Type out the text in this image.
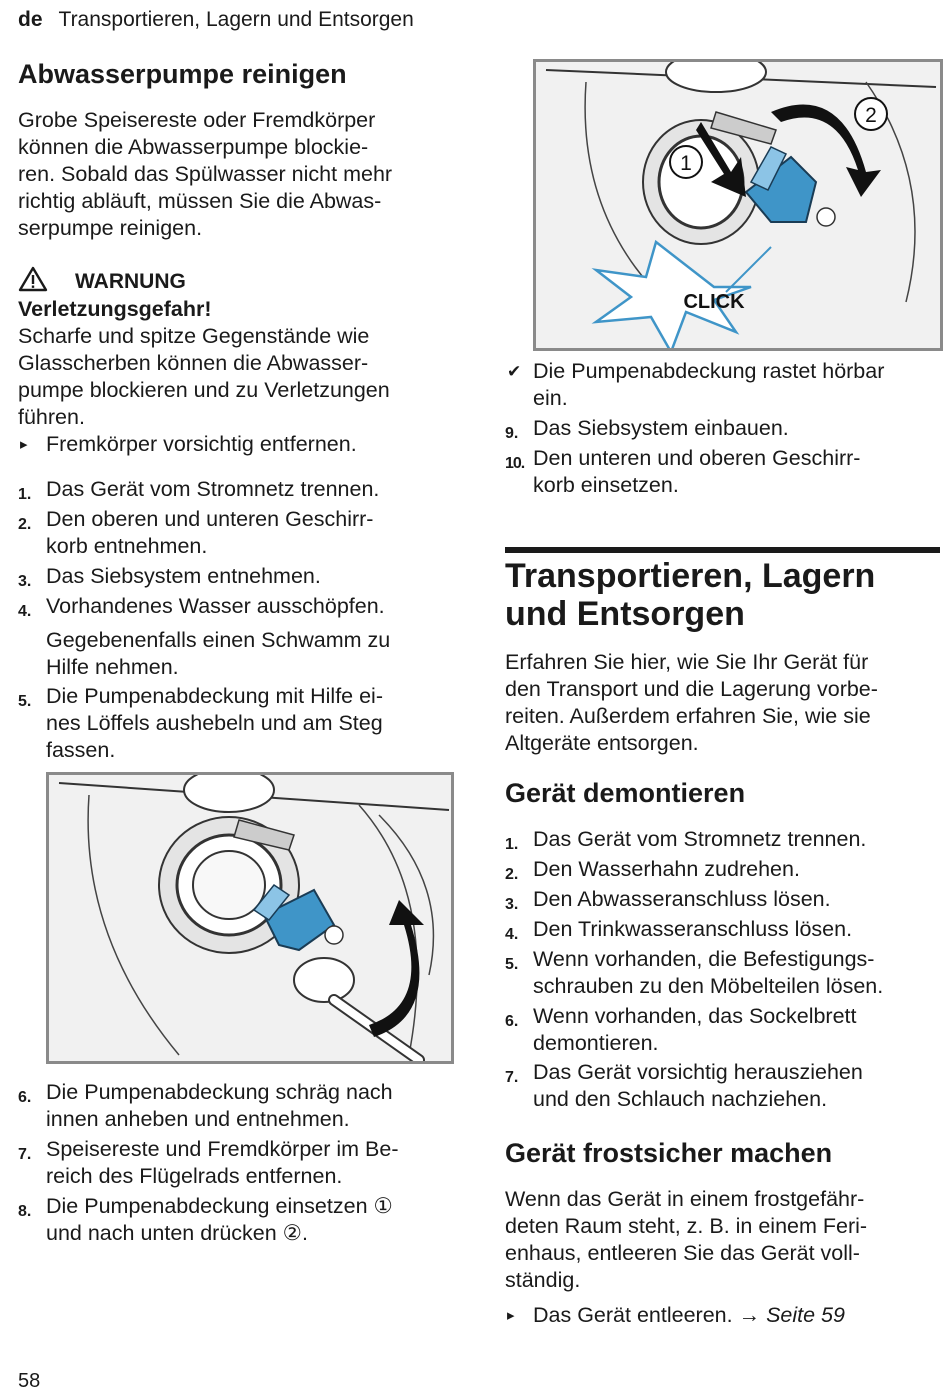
de Transportieren, Lagern und Entsorgen
Abwasserpumpe reinigen

Grobe Speisereste oder Fremdkörper

können die Abwasserpumpe blockie-

ren. Sobald das Spülwasser nicht mehr

richtig abläuft, müssen Sie die Abwas-

serpumpe reinigen.

WARNUNG

Verletzungsgefahr!

Scharfe und spitze Gegenstände wie

Glasscherben können die Abwasser-

pumpe blockieren und zu Verletzungen

führen.

▸ Fremkörper vorsichtig entfernen.
1. Das Gerät vom Stromnetz trennen.
2. Den oberen und unteren Geschirr-
korb entnehmen.
3. Das Siebsystem entnehmen.
4. Vorhandenes Wasser ausschöpfen.
Gegebenenfalls einen Schwamm zu
Hilfe nehmen.
5. Die Pumpenabdeckung mit Hilfe ei-
nes Löffels aushebeln und am Steg
fassen.
6. Die Pumpenabdeckung schräg nach
innen anheben und entnehmen.
7. Speisereste und Fremdkörper im Be-
reich des Flügelrads entfernen.
8. Die Pumpenabdeckung einsetzen ①
und nach unten drücken ②.
58
1
2
CLICK
✔ Die Pumpenabdeckung rastet hörbar
ein.
9. Das Siebsystem einbauen.
10. Den unteren und oberen Geschirr-
korb einsetzen.

Transportieren, Lagern

und Entsorgen

Erfahren Sie hier, wie Sie Ihr Gerät für

den Transport und die Lagerung vorbe-

reiten. Außerdem erfahren Sie, wie sie

Altgeräte entsorgen.

Gerät demontieren
1. Das Gerät vom Stromnetz trennen.
2. Den Wasserhahn zudrehen.
3. Den Abwasseranschluss lösen.
4. Den Trinkwasseranschluss lösen.
5. Wenn vorhanden, die Befestigungs-
schrauben zu den Möbelteilen lösen.
6. Wenn vorhanden, das Sockelbrett
demontieren.
7. Das Gerät vorsichtig herausziehen
und den Schlauch nachziehen.
Gerät frostsicher machen

Wenn das Gerät in einem frostgefähr-

deten Raum steht, z. B. in einem Feri-

enhaus, entleeren Sie das Gerät voll-

ständig.

▸ Das Gerät entleeren. → Seite 59
